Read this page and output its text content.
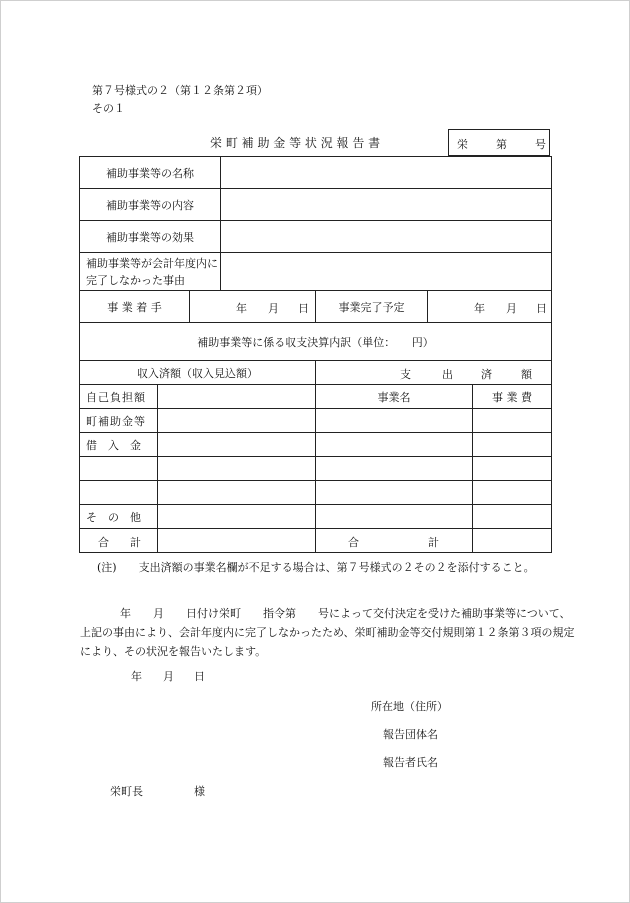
第７号様式の２（第１２条第２項）
その１
栄 町 補 助 金 等 状 況 報 告 書	栄	第	号
補助事業等の名称	
補助事業等の内容	
補助事業等の効果	

補助事業等が会計年度内に
完了しなかった事由	

事 業 着 手	年 月 日	事業完了予定	年 月 日
補助事業等に係る収支決算内訳（単位：　　円）			
収入済額（収入見込額）		支 出 済 額	

自己負担額		事業名	事 業 費
町補助金等			
借　入　金			

そ　の　他			

合 計		合 計	

(注)　　支出済額の事業名欄が不足する場合は、第７号様式の２その２を添付すること。
年　　月　　日付け栄町　　指令第　　号によって交付決定を受けた補助事業等について、
上記の事由により、会計年度内に完了しなかったため、栄町補助金等交付規則第１２条第３項の規定
により、その状況を報告いたします。
年 月 日
所在地（住所）
報告団体名
報告者氏名
栄町長	様
